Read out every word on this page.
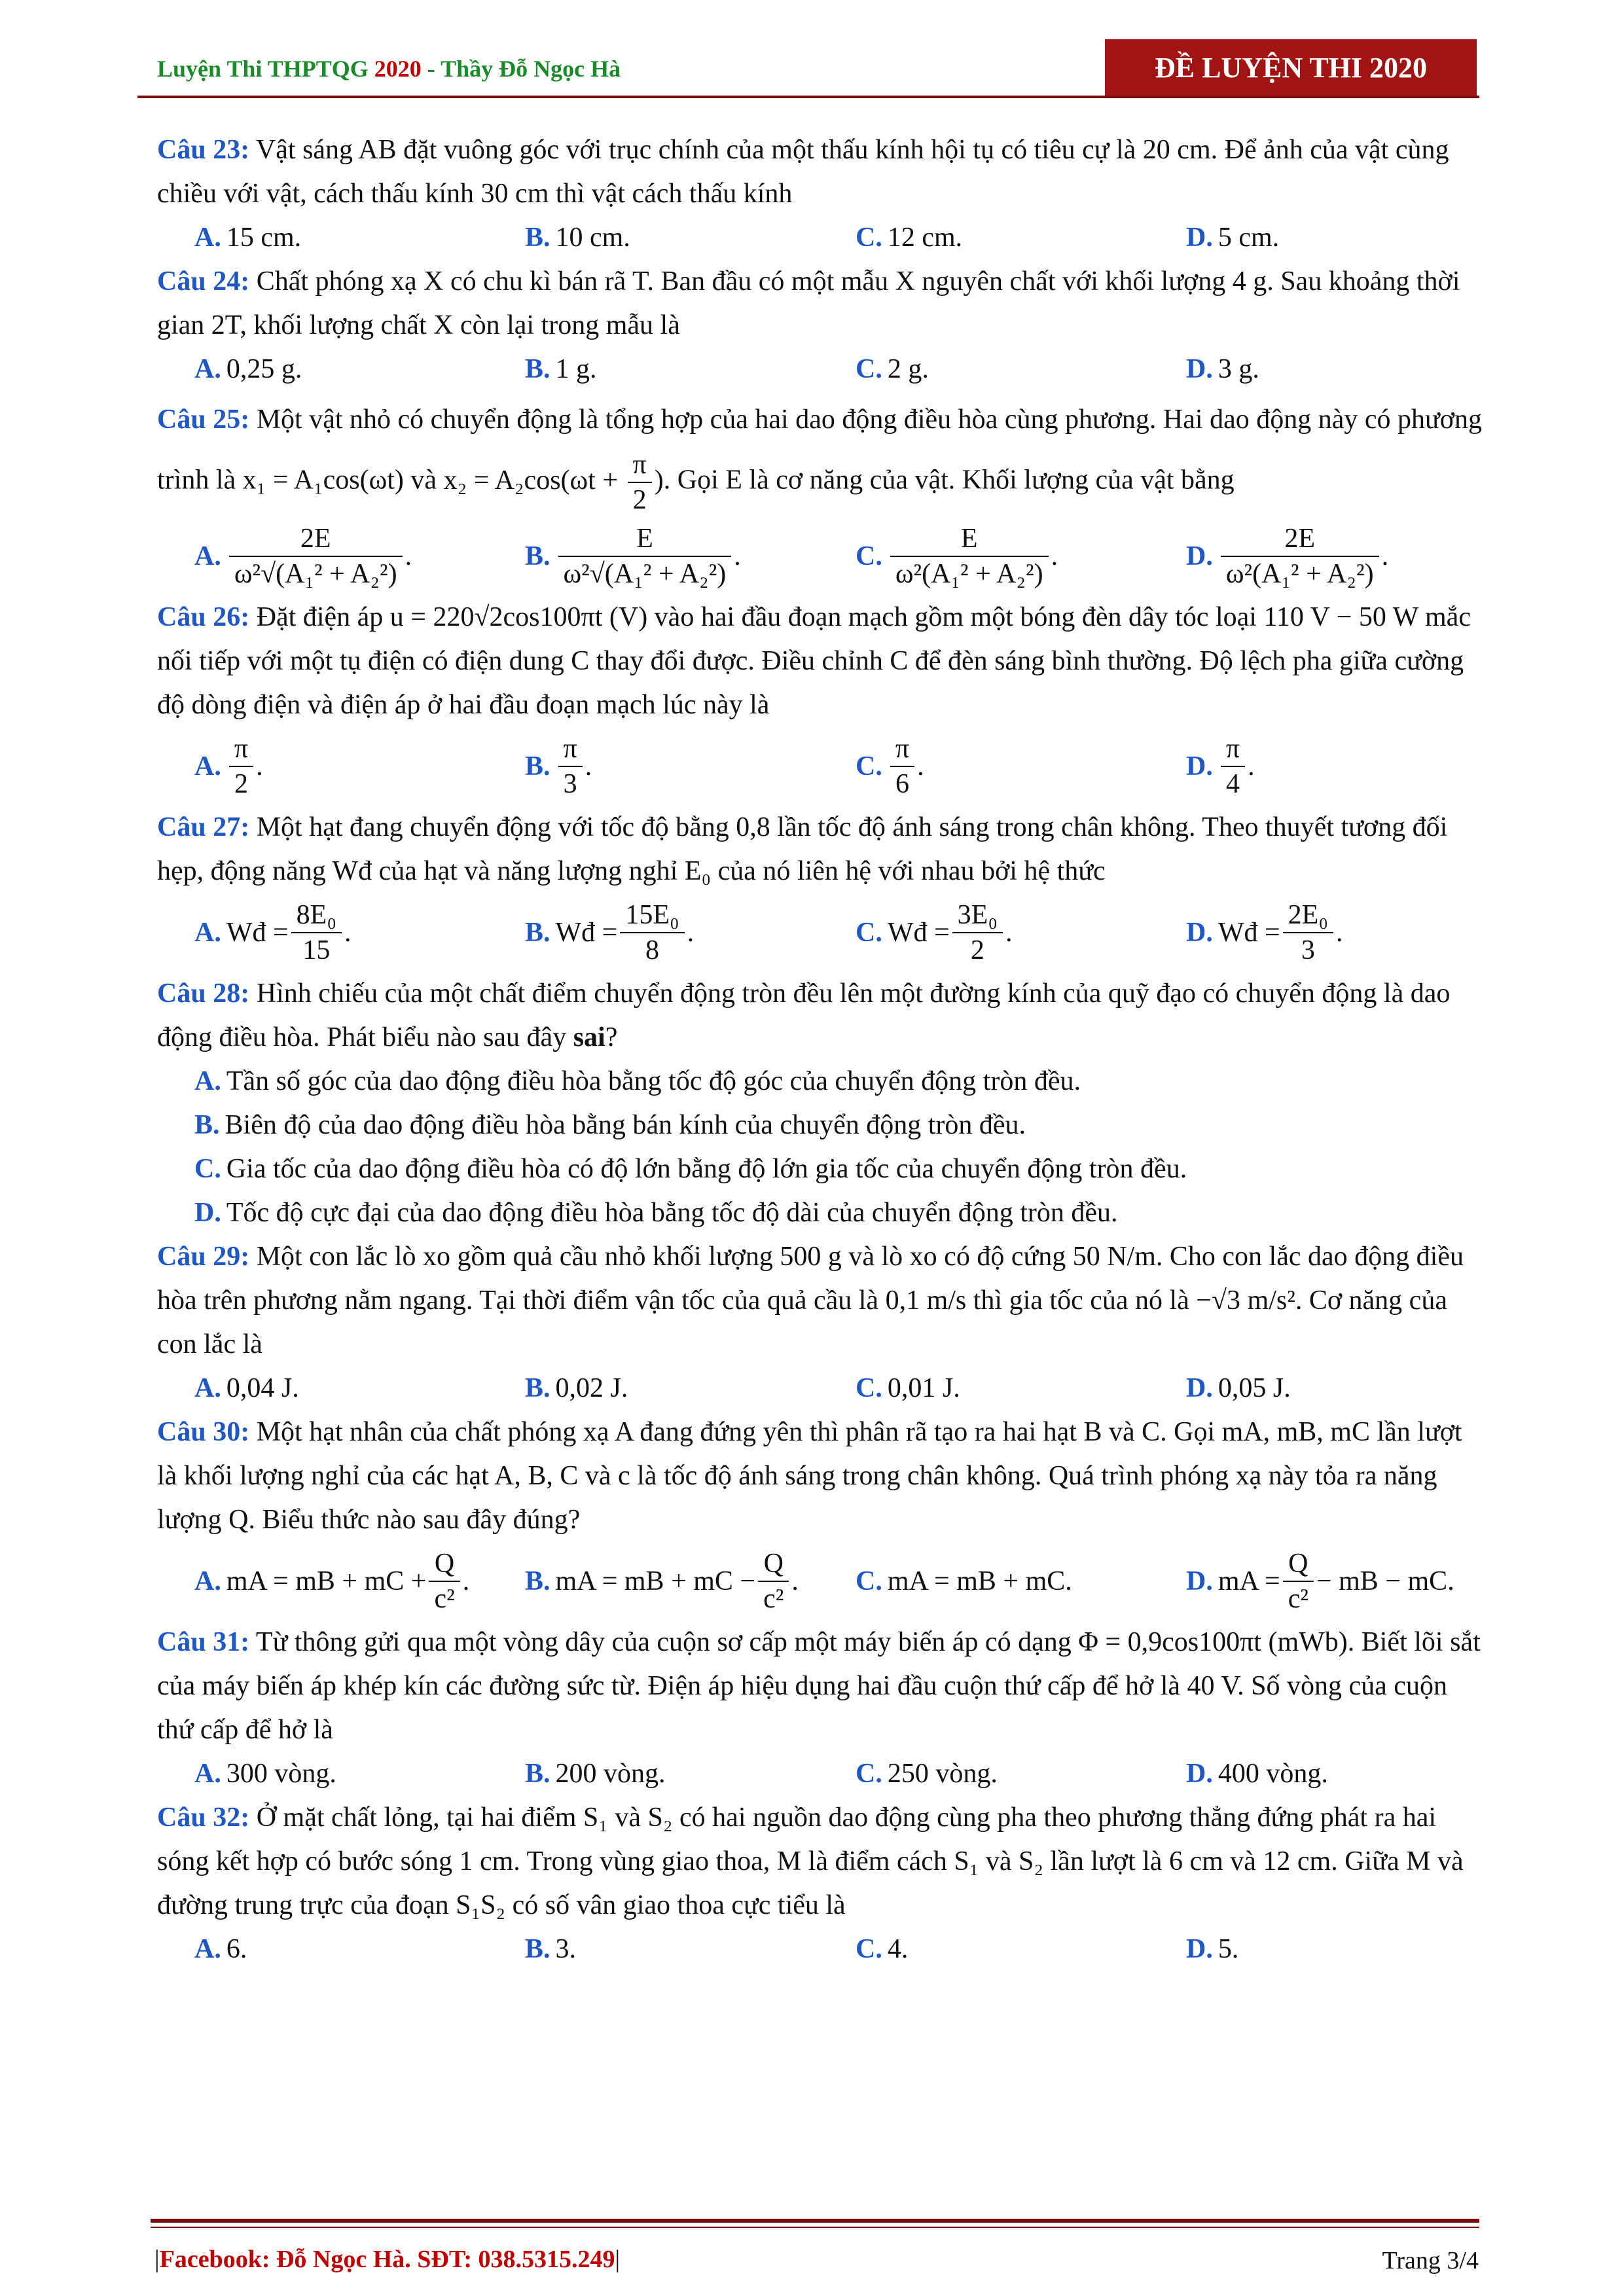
Luyện Thi THPTQG 2020 - Thầy Đỗ Ngọc Hà	ĐỀ LUYỆN THI 2020

Câu 23: Vật sáng AB đặt vuông góc với trục chính của một thấu kính hội tụ có tiêu cự là 20 cm. Để ảnh của vật cùng chiều với vật, cách thấu kính 30 cm thì vật cách thấu kính

A. 15 cm.	B. 10 cm.	C. 12 cm.	D. 5 cm.

Câu 24: Chất phóng xạ X có chu kì bán rã T. Ban đầu có một mẫu X nguyên chất với khối lượng 4 g. Sau khoảng thời gian 2T, khối lượng chất X còn lại trong mẫu là

A. 0,25 g.	B. 1 g.	C. 2 g.	D. 3 g.

Câu 25: Một vật nhỏ có chuyển động là tổng hợp của hai dao động điều hòa cùng phương. Hai dao động này có phương trình là x₁ = A₁cos(ωt) và $x_2 = A_2\cos(\omega t + \frac{\pi}{2}$ ). Gọi E là cơ năng của vật. Khối lượng của vật bằng

A. $\frac{2E}{\text{ω²√(A₁² + A₂²)}}$ .	B. $\frac{E}{\text{ω²√(A₁² + A₂²)}}$ .	C. $\frac{E}{\text{ω²(A₁² + A₂²)}}$ .	D. $\frac{2E}{\text{ω²(A₁² + A₂²)}}$ .

Câu 26: Đặt điện áp u = 220√2cos100πt (V) vào hai đầu đoạn mạch gồm một bóng đèn dây tóc loại 110 V − 50 W mắc nối tiếp với một tụ điện có điện dung C thay đổi được. Điều chỉnh C để đèn sáng bình thường. Độ lệch pha giữa cường độ dòng điện và điện áp ở hai đầu đoạn mạch lúc này là

A. $\frac{\pi}{2}$ .	B. $\frac{\pi}{3}$ .	C. $\frac{\pi}{6}$ .	D. $\frac{\pi}{4}$ .

Câu 27: Một hạt đang chuyển động với tốc độ bằng 0,8 lần tốc độ ánh sáng trong chân không. Theo thuyết tương đối hẹp, động năng Wđ của hạt và năng lượng nghỉ E₀ của nó liên hệ với nhau bởi hệ thức

A. Wđ = $\frac{\text{8E₀}}{15}$ .	B. Wđ = $\frac{\text{15E₀}}{8}$ .	C. Wđ = $\frac{\text{3E₀}}{2}$ .	D. Wđ = $\frac{\text{2E₀}}{3}$ .

Câu 28: Hình chiếu của một chất điểm chuyển động tròn đều lên một đường kính của quỹ đạo có chuyển động là dao động điều hòa. Phát biểu nào sau đây sai?

A. Tần số góc của dao động điều hòa bằng tốc độ góc của chuyển động tròn đều.
B. Biên độ của dao động điều hòa bằng bán kính của chuyển động tròn đều.
C. Gia tốc của dao động điều hòa có độ lớn bằng độ lớn gia tốc của chuyển động tròn đều.
D. Tốc độ cực đại của dao động điều hòa bằng tốc độ dài của chuyển động tròn đều.

Câu 29: Một con lắc lò xo gồm quả cầu nhỏ khối lượng 500 g và lò xo có độ cứng 50 N/m. Cho con lắc dao động điều hòa trên phương nằm ngang. Tại thời điểm vận tốc của quả cầu là 0,1 m/s thì gia tốc của nó là −√3 m/s². Cơ năng của con lắc là

A. 0,04 J.	B. 0,02 J.	C. 0,01 J.	D. 0,05 J.

Câu 30: Một hạt nhân của chất phóng xạ A đang đứng yên thì phân rã tạo ra hai hạt B và C. Gọi mA, mB, mC lần lượt là khối lượng nghỉ của các hạt A, B, C và c là tốc độ ánh sáng trong chân không. Quá trình phóng xạ này tỏa ra năng lượng Q. Biểu thức nào sau đây đúng?

A. mA = mB + mC + $\frac{Q}{\text{c²}}$ . B. mA = mB + mC − $\frac{Q}{\text{c²}}$ . C. mA = mB + mC.	D. mA = $\frac{Q}{\text{c²}}$ − mB − mC.

Câu 31: Từ thông gửi qua một vòng dây của cuộn sơ cấp một máy biến áp có dạng Φ = 0,9cos100πt (mWb). Biết lõi sắt của máy biến áp khép kín các đường sức từ. Điện áp hiệu dụng hai đầu cuộn thứ cấp để hở là 40 V. Số vòng của cuộn thứ cấp để hở là

A. 300 vòng.	B. 200 vòng.	C. 250 vòng.	D. 400 vòng.

Câu 32: Ở mặt chất lỏng, tại hai điểm S₁ và S₂ có hai nguồn dao động cùng pha theo phương thẳng đứng phát ra hai sóng kết hợp có bước sóng 1 cm. Trong vùng giao thoa, M là điểm cách S₁ và S₂ lần lượt là 6 cm và 12 cm. Giữa M và đường trung trực của đoạn S₁S₂ có số vân giao thoa cực tiểu là

A. 6.	B. 3.	C. 4.	D. 5.
|Facebook: Đỗ Ngọc Hà. SĐT: 038.5315.249|	Trang 3/4
